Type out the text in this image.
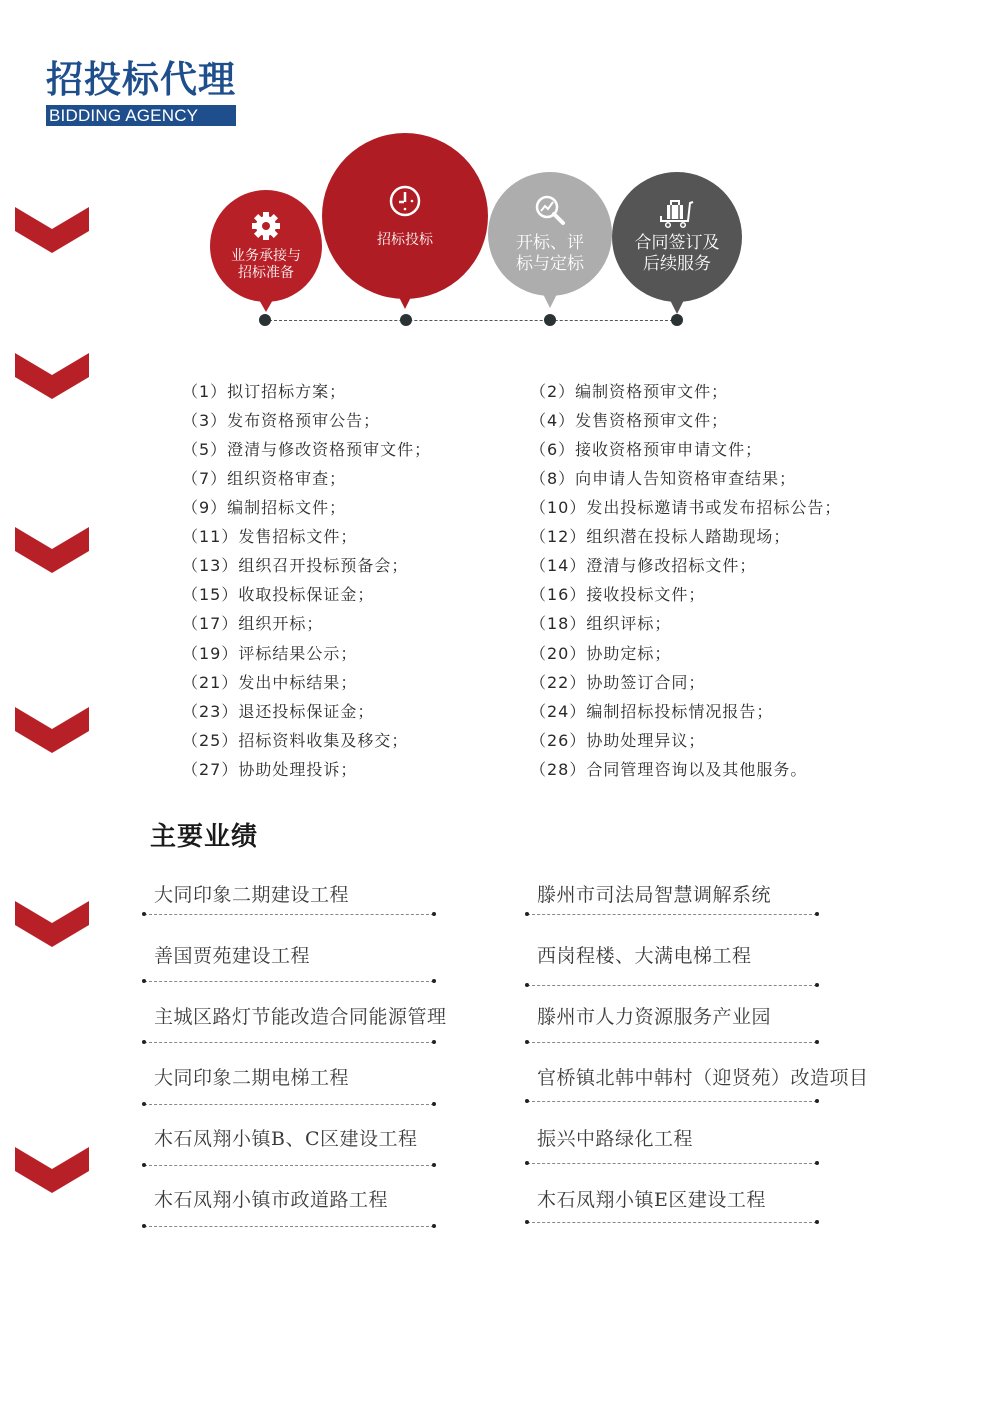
招投标代理
BIDDING AGENCY
业务承接与
招标准备
招标投标	开标、评
标与定标
合同签订及
后续服务
（1）拟订招标方案；
（3）发布资格预审公告；
（5）澄清与修改资格预审文件；
（7）组织资格审查；
（9）编制招标文件；
（11）发售招标文件；
（13）组织召开投标预备会；
（15）收取投标保证金；
（17）组织开标；
（19）评标结果公示；
（21）发出中标结果；
（23）退还投标保证金；
（25）招标资料收集及移交；
（27）协助处理投诉；
（2）编制资格预审文件；
（4）发售资格预审文件；
（6）接收资格预审申请文件；
（8）向申请人告知资格审查结果；
（10）发出投标邀请书或发布招标公告；
（12）组织潜在投标人踏勘现场；
（14）澄清与修改招标文件；
（16）接收投标文件；
（18）组织评标；
（20）协助定标；
（22）协助签订合同；
（24）编制招标投标情况报告；
（26）协助处理异议；
（28）合同管理咨询以及其他服务。
主要业绩
大同印象二期建设工程
善国贾苑建设工程
主城区路灯节能改造合同能源管理
大同印象二期电梯工程
木石凤翔小镇B、C区建设工程
木石凤翔小镇市政道路工程
滕州市司法局智慧调解系统
西岗程楼、大满电梯工程
滕州市人力资源服务产业园
官桥镇北韩中韩村（迎贤苑）改造项目
振兴中路绿化工程
木石凤翔小镇E区建设工程
